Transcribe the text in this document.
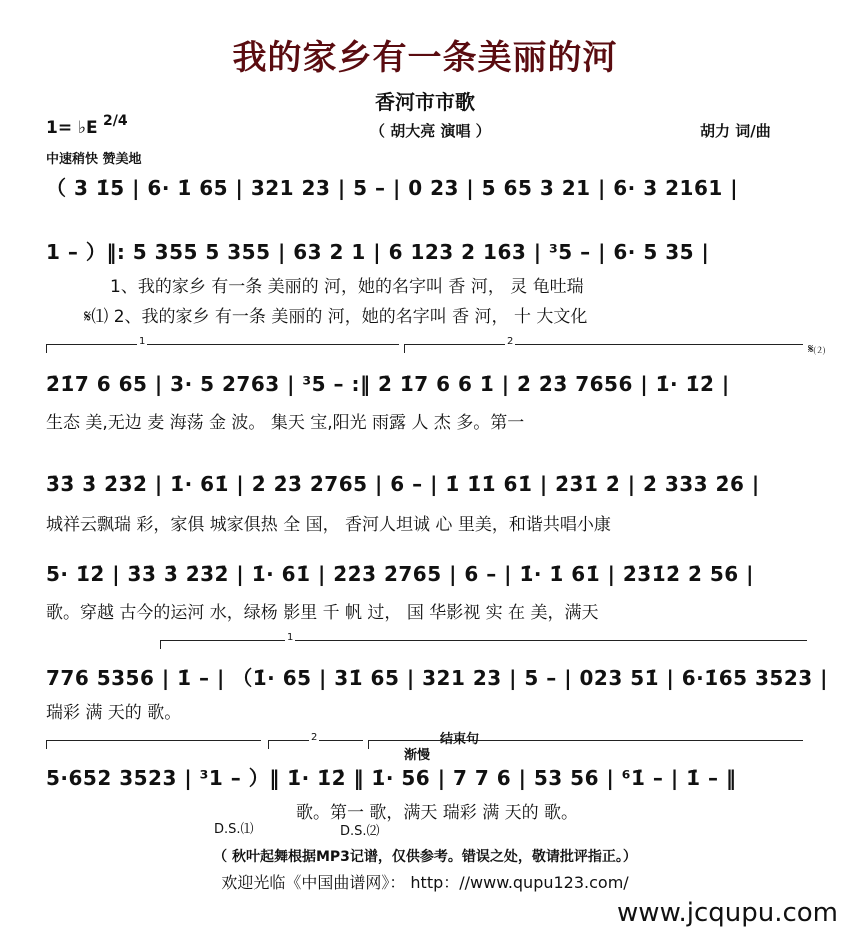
我的家乡有一条美丽的河
香河市市歌
1= ♭E 2/4
（ 胡大亮 演唱 ）	胡力 词/曲
中速稍快 赞美地
（ 3 1̇5 | 6· 1̇ 65 | 321 23 | 5 – | 0 23 | 5 65 3 21 | 6· 3 2161 |
1 – ）‖: 5 355 5 355 | 63 2 1 | 6 123 2 163 | ³5 – | 6· 5 35 |
1、我的家乡 有一条 美丽的 河，她的名字叫 香 河， 灵 龟吐瑞
𝄋⑴ 2、我的家乡 有一条 美丽的 河，她的名字叫 香 河， 十 大文化
1	2
𝄋⑵
2̇1̇7 6 65 | 3· 5 2763 | ³5 – :‖ 2̇ 1̇7 6 6 1̇ | 2̇ 2̇3̇ 7656 | 1̇· 1̇2̇ |
生态 美,无边 麦 海荡 金 波。 集天 宝,阳光 雨露 人 杰 多。第一
3̇3̇ 3̇ 2̇3̇2̇ | 1̇· 61̇ | 2̇ 2̇3̇ 2̇765 | 6 – | 1̇ 1̇1̇ 61̇ | 2̇3̇1̇ 2̇ | 2̇ 333 2̇6 |
城祥云飘瑞 彩，家俱 城家俱热 全 国， 香河人坦诚 心 里美，和谐共唱小康
5· 1̇2̇ | 3̇3̇ 3̇ 2̇3̇2̇ | 1̇· 61̇ | 2̇2̇3̇ 2̇765 | 6 – | 1̇· 1̇ 61̇ | 2̇3̇1̇2̇ 2̇ 56 |
歌。穿越 古今的运河 水，绿杨 影里 千 帆 过， 国 华影视 实 在 美，满天
1
776 5356 | 1̇ – | （1̇· 65 | 31̇ 65 | 321 23 | 5 – | 023 51̇ | 6·1̇65 3523 |
瑞彩 满 天的 歌。
2	结束句
渐慢
5·652 3523 | ³1 – ）‖ 1̇· 1̇2̇ ‖ 1̇· 56 | 7 7 6 | 53 56 | ⁶1̇ – | 1̇ – ‖
歌。第一 歌，满天 瑞彩 满 天的 歌。
D.S.⑴	D.S.⑵
（ 秋叶起舞根据MP3记谱，仅供参考。错误之处，敬请批评指正。）
欢迎光临《中国曲谱网》： http：//www.qupu123.com/
www.jcqupu.com
